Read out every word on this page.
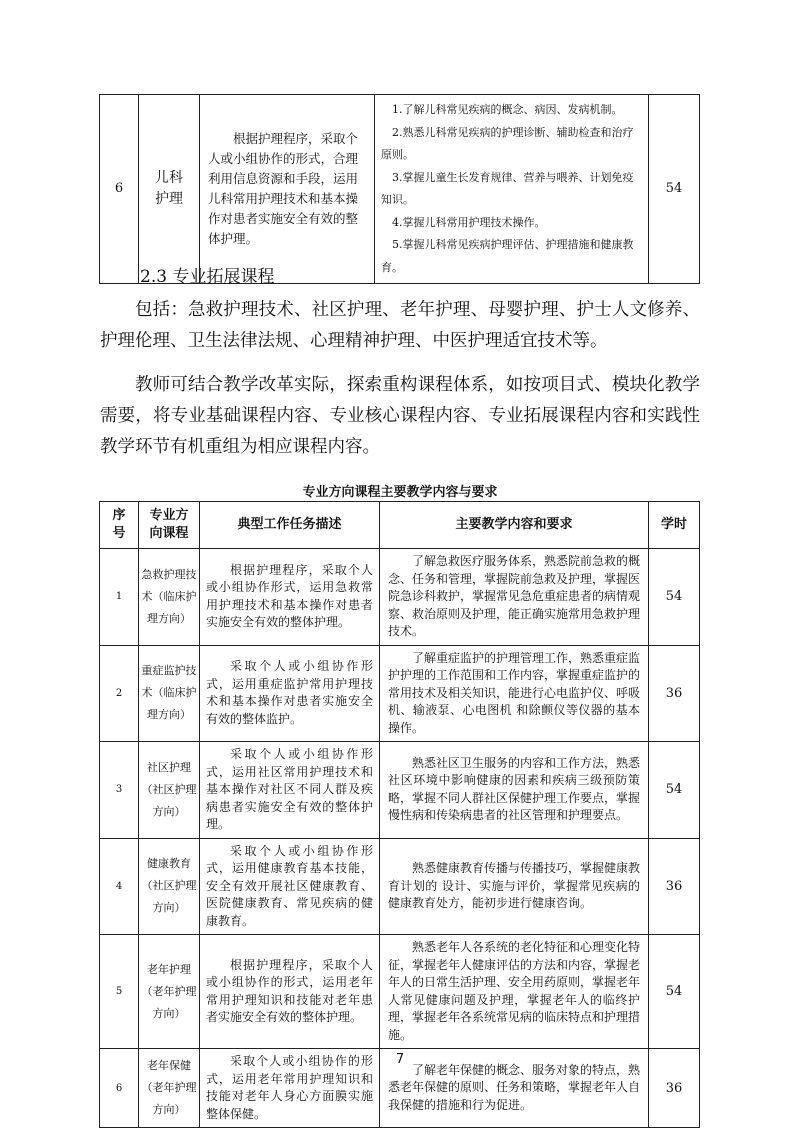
6	儿科护理	根据护理程序，采取个人或小组协作的形式，合理利用信息资源和手段，运用儿科常用护理技术和基本操作对患者实施安全有效的整体护理。	
1.了解儿科常见疾病的概念、病因、发病机制。
2.熟悉儿科常见疾病的护理诊断、辅助检查和治疗原则。
3.掌握儿童生长发育规律、营养与喂养、计划免疫知识。
4.掌握儿科常用护理技术操作。
5.掌握儿科常见疾病护理评估、护理措施和健康教育。
	54
2.3 专业拓展课程
包括：急救护理技术、社区护理、老年护理、母婴护理、护士人文修养、护理伦理、卫生法律法规、心理精神护理、中医护理适宜技术等。
教师可结合教学改革实际，探索重构课程体系，如按项目式、模块化教学需要，将专业基础课程内容、专业核心课程内容、专业拓展课程内容和实践性教学环节有机重组为相应课程内容。
专业方向课程主要教学内容与要求
序号	专业方向课程	典型工作任务描述	主要教学内容和要求	学时
1	急救护理技术（临床护理方向）	根据护理程序，采取个人或小组协作形式，运用急救常用护理技术和基本操作对患者实施安全有效的整体护理。	了解急救医疗服务体系，熟悉院前急救的概念、任务和管理，掌握院前急救及护理，掌握医院急诊科救护，掌握常见急危重症患者的病情观察、救治原则及护理，能正确实施常用急救护理技术。	54
2	重症监护技术（临床护理方向）	采取个人或小组协作形式，运用重症监护常用护理技术和基本操作对患者实施安全有效的整体监护。	了解重症监护的护理管理工作，熟悉重症监护护理的工作范围和工作内容，掌握重症监护的常用技术及相关知识，能进行心电监护仪、呼吸机、输液泵、心电图机 和除颤仪等仪器的基本操作。	36
3	社区护理（社区护理方向）	采取个人或小组协作形式，运用社区常用护理技术和基本操作对社区不同人群及疾病患者实施安全有效的整体护理。	熟悉社区卫生服务的内容和工作方法，熟悉社区环境中影响健康的因素和疾病三级预防策略，掌握不同人群社区保健护理工作要点，掌握慢性病和传染病患者的社区管理和护理要点。	54
4	健康教育（社区护理方向）	采取个人或小组协作形式，运用健康教育基本技能，安全有效开展社区健康教育、医院健康教育、常见疾病的健康教育。	熟悉健康教育传播与传播技巧，掌握健康教育计划的 设计、实施与评价，掌握常见疾病的健康教育处方，能初步进行健康咨询。	36
5	老年护理（老年护理方向）	根据护理程序，采取个人或小组协作的形式，运用老年常用护理知识和技能对老年患者实施安全有效的整体护理。	熟悉老年人各系统的老化特征和心理变化特征，掌握老年人健康评估的方法和内容，掌握老年人的日常生活护理、安全用药原则，掌握老年人常见健康问题及护理，掌握老年人的临终护理，掌握老年各系统常见病的临床特点和护理措施。	54
6	老年保健（老年护理方向）	采取个人或小组协作的形式，运用老年常用护理知识和技能对老年人身心方面膜实施整体保健。	了解老年保健的概念、服务对象的特点，熟悉老年保健的原则、任务和策略，掌握老年人自我保健的措施和行为促进。	36
7
